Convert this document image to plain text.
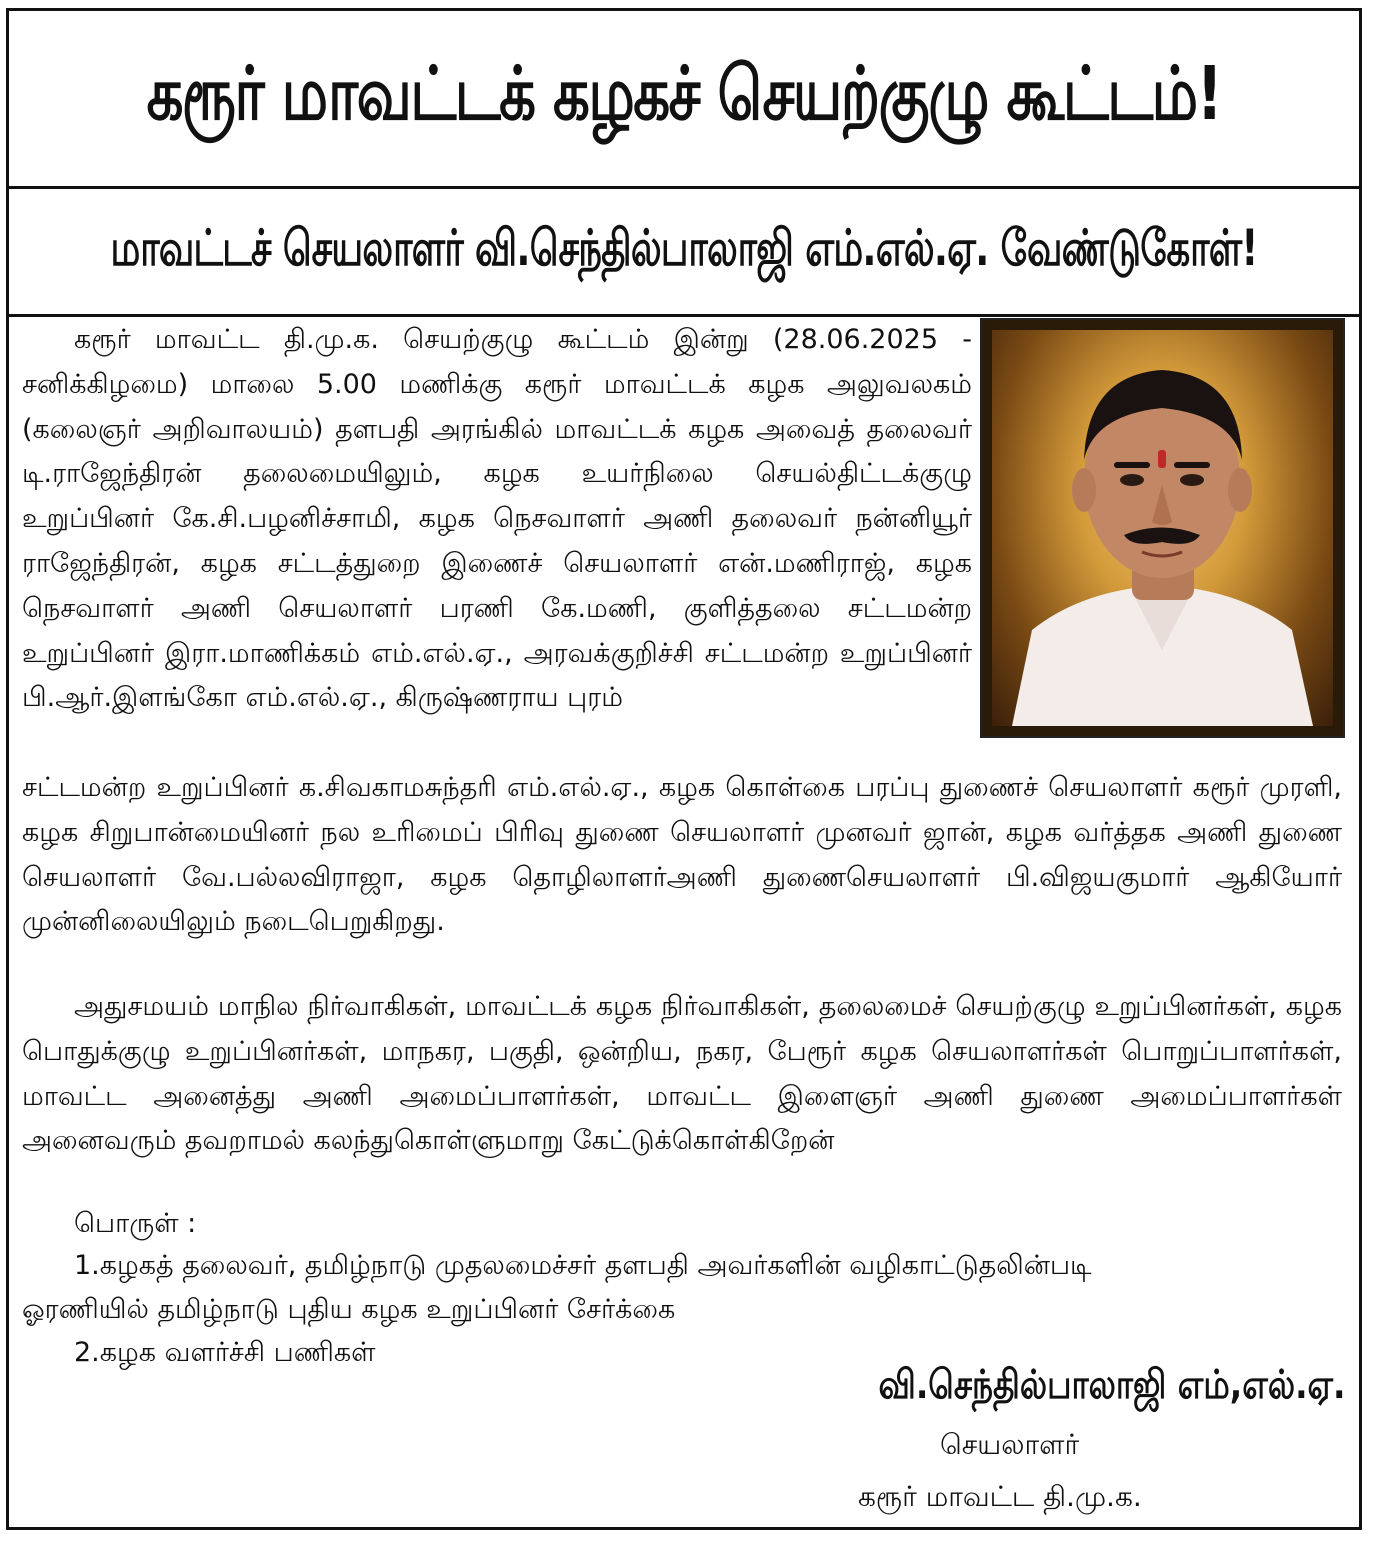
கரூர் மாவட்டக் கழகச் செயற்குழு கூட்டம்!
மாவட்டச் செயலாளர் வி.செந்தில்பாலாஜி எம்.எல்.ஏ. வேண்டுகோள்!
கரூர் மாவட்ட தி.மு.க. செயற்குழு கூட்டம் இன்று (28.06.2025 - சனிக்கிழமை) மாலை 5.00 மணிக்கு கரூர் மாவட்டக் கழக அலுவலகம் (கலைஞர் அறிவாலயம்) தளபதி அரங்கில் மாவட்டக் கழக அவைத் தலைவர் டி.ராஜேந்திரன் தலைமையிலும், கழக உயர்நிலை செயல்திட்டக்குழு உறுப்பினர் கே.சி.பழனிச்சாமி, கழக நெசவாளர் அணி தலைவர் நன்னியூர் ராஜேந்திரன், கழக சட்டத்துறை இணைச் செயலாளர் என்.மணிராஜ், கழக நெசவாளர் அணி செயலாளர் பரணி கே.மணி, குளித்தலை சட்டமன்ற உறுப்பினர் இரா.மாணிக்கம் எம்.எல்.ஏ., அரவக்குறிச்சி சட்டமன்ற உறுப்பினர் பி.ஆர்.இளங்கோ எம்.எல்.ஏ., கிருஷ்ணராய புரம்
சட்டமன்ற உறுப்பினர் க.சிவகாமசுந்தரி எம்.எல்.ஏ., கழக கொள்கை பரப்பு துணைச் செயலாளர் கரூர் முரளி, கழக சிறுபான்மையினர் நல உரிமைப் பிரிவு துணை செயலாளர் முனவர் ஜான், கழக வர்த்தக அணி துணை செயலாளர் வே.பல்லவிராஜா, கழக தொழிலாளர்அணி துணைசெயலாளர் பி.விஜயகுமார் ஆகியோர் முன்னிலையிலும் நடைபெறுகிறது.
அதுசமயம் மாநில நிர்வாகிகள், மாவட்டக் கழக நிர்வாகிகள், தலைமைச் செயற்குழு உறுப்பினர்கள், கழக பொதுக்குழு உறுப்பினர்கள், மாநகர, பகுதி, ஒன்றிய, நகர, பேரூர் கழக செயலாளர்கள் பொறுப்பாளர்கள், மாவட்ட அனைத்து அணி அமைப்பாளர்கள், மாவட்ட இளைஞர் அணி துணை அமைப்பாளர்கள் அனைவரும் தவறாமல் கலந்துகொள்ளுமாறு கேட்டுக்கொள்கிறேன்
பொருள் :
1.கழகத் தலைவர், தமிழ்நாடு முதலமைச்சர் தளபதி அவர்களின் வழிகாட்டுதலின்படி
ஓரணியில் தமிழ்நாடு புதிய கழக உறுப்பினர் சேர்க்கை
2.கழக வளர்ச்சி பணிகள்
வி.செந்தில்பாலாஜி எம்,எல்.ஏ.
செயலாளர்
கரூர் மாவட்ட தி.மு.க.
